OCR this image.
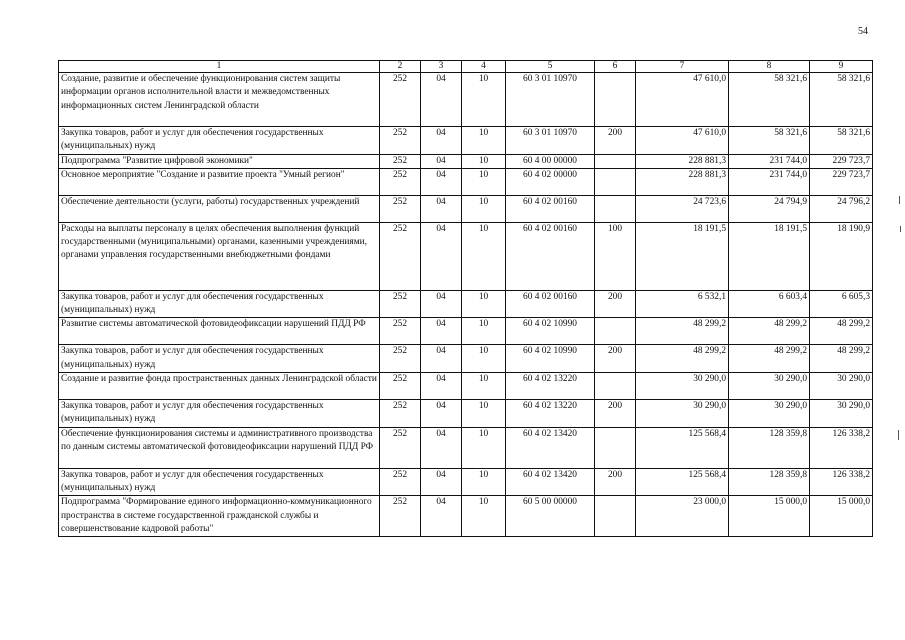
54
1	2	3	4	5	6	7	8	9
Создание, развитие и обеспечение функционирования систем защиты информации органов исполнительной власти и межведомственных информационных систем Ленинградской области	252	04	10	60 3 01 10970		47 610,0	58 321,6	58 321,6
Закупка товаров, работ и услуг для обеспечения государственных (муниципальных) нужд	252	04	10	60 3 01 10970	200	47 610,0	58 321,6	58 321,6
Подпрограмма "Развитие цифровой экономики"	252	04	10	60 4 00 00000		228 881,3	231 744,0	229 723,7
Основное мероприятие "Создание и развитие проекта "Умный регион"	252	04	10	60 4 02 00000		228 881,3	231 744,0	229 723,7
Обеспечение деятельности (услуги, работы) государственных учреждений	252	04	10	60 4 02 00160		24 723,6	24 794,9	24 796,2
Расходы на выплаты персоналу в целях обеспечения выполнения функций государственными (муниципальными) органами, казенными учреждениями, органами управления государственными внебюджетными фондами	252	04	10	60 4 02 00160	100	18 191,5	18 191,5	18 190,9
Закупка товаров, работ и услуг для обеспечения государственных (муниципальных) нужд	252	04	10	60 4 02 00160	200	6 532,1	6 603,4	6 605,3
Развитие системы автоматической фотовидеофиксации нарушений ПДД РФ	252	04	10	60 4 02 10990		48 299,2	48 299,2	48 299,2
Закупка товаров, работ и услуг для обеспечения государственных (муниципальных) нужд	252	04	10	60 4 02 10990	200	48 299,2	48 299,2	48 299,2
Создание и развитие фонда пространственных данных Ленинградской области	252	04	10	60 4 02 13220		30 290,0	30 290,0	30 290,0
Закупка товаров, работ и услуг для обеспечения государственных (муниципальных) нужд	252	04	10	60 4 02 13220	200	30 290,0	30 290,0	30 290,0
Обеспечение функционирования системы и административного производства по данным системы автоматической фотовидеофиксации нарушений ПДД РФ	252	04	10	60 4 02 13420		125 568,4	128 359,8	126 338,2
Закупка товаров, работ и услуг для обеспечения государственных (муниципальных) нужд	252	04	10	60 4 02 13420	200	125 568,4	128 359,8	126 338,2
Подпрограмма "Формирование единого информационно-коммуникационного пространства в системе государственной гражданской службы и совершенствование кадровой работы"	252	04	10	60 5 00 00000		23 000,0	15 000,0	15 000,0
